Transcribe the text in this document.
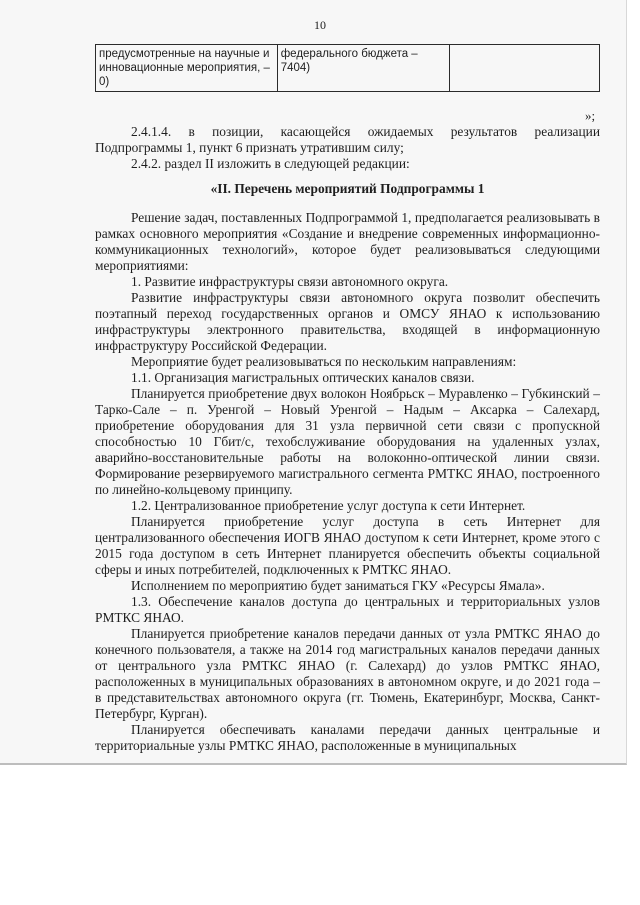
10
предусмотренные на научные и инновационные мероприятия, – 0)	федерального бюджета – 7404)	
»;

2.4.1.4. в позиции, касающейся ожидаемых результатов реализации Подпрограммы 1, пункт 6 признать утратившим силу;

2.4.2. раздел II изложить в следующей редакции:

«II. Перечень мероприятий Подпрограммы 1

Решение задач, поставленных Подпрограммой 1, предполагается реализовывать в рамках основного мероприятия «Создание и внедрение современных информационно-коммуникационных технологий», которое будет реализовываться следующими мероприятиями:

1. Развитие инфраструктуры связи автономного округа.

Развитие инфраструктуры связи автономного округа позволит обеспечить поэтапный переход государственных органов и ОМСУ ЯНАО к использованию инфраструктуры электронного правительства, входящей в информационную инфраструктуру Российской Федерации.

Мероприятие будет реализовываться по нескольким направлениям:

1.1. Организация магистральных оптических каналов связи.

Планируется приобретение двух волокон Ноябрьск – Муравленко – Губкинский – Тарко-Сале – п. Уренгой – Новый Уренгой – Надым – Аксарка – Салехард, приобретение оборудования для 31 узла первичной сети связи с пропускной способностью 10 Гбит/с, техобслуживание оборудования на удаленных узлах, аварийно-восстановительные работы на волоконно-оптической линии связи. Формирование резервируемого магистрального сегмента РМТКС ЯНАО, построенного по линейно-кольцевому принципу.

1.2. Централизованное приобретение услуг доступа к сети Интернет.

Планируется приобретение услуг доступа в сеть Интернет для централизованного обеспечения ИОГВ ЯНАО доступом к сети Интернет, кроме этого с 2015 года доступом в сеть Интернет планируется обеспечить объекты социальной сферы и иных потребителей, подключенных к РМТКС ЯНАО.

Исполнением по мероприятию будет заниматься ГКУ «Ресурсы Ямала».

1.3. Обеспечение каналов доступа до центральных и территориальных узлов РМТКС ЯНАО.

Планируется приобретение каналов передачи данных от узла РМТКС ЯНАО до конечного пользователя, а также на 2014 год магистральных каналов передачи данных от центрального узла РМТКС ЯНАО (г. Салехард) до узлов РМТКС ЯНАО, расположенных в муниципальных образованиях в автономном округе, и до 2021 года – в представительствах автономного округа (гг. Тюмень, Екатеринбург, Москва, Санкт-Петербург, Курган).

Планируется обеспечивать каналами передачи данных центральные и территориальные узлы РМТКС ЯНАО, расположенные в муниципальных
